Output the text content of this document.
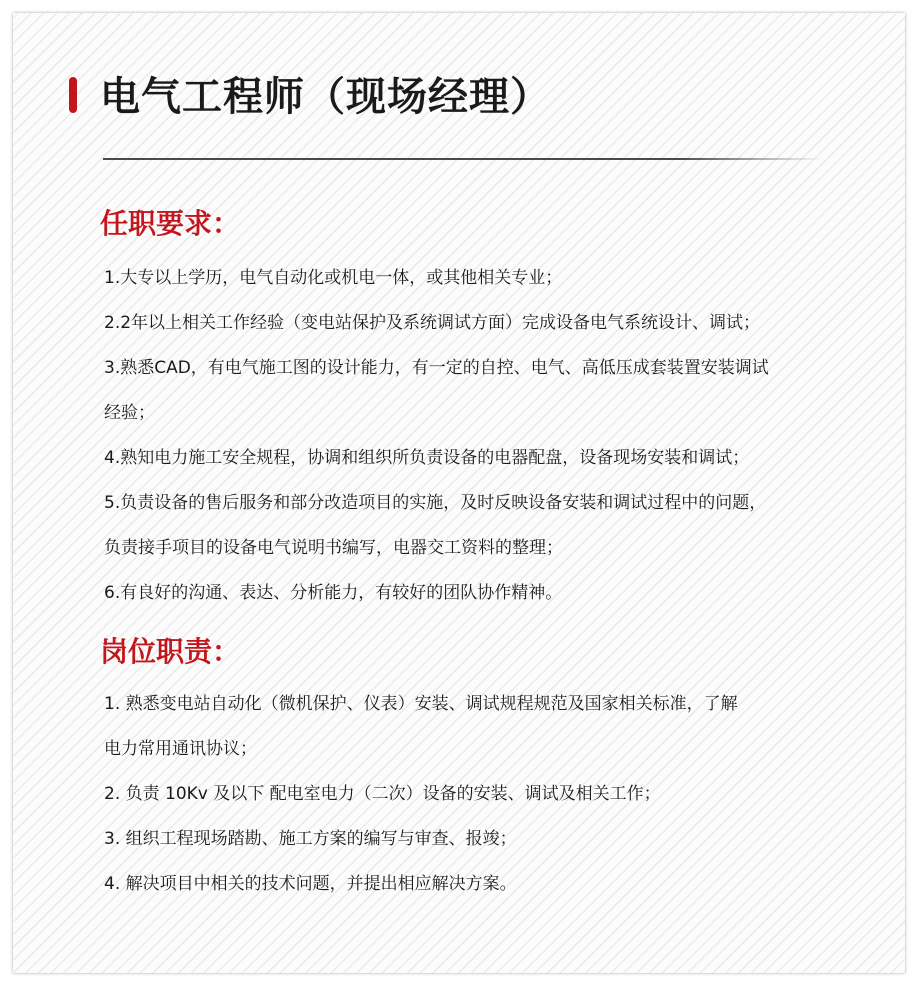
电气工程师（现场经理）
任职要求：

1.大专以上学历，电气自动化或机电一体，或其他相关专业；

2.2年以上相关工作经验（变电站保护及系统调试方面）完成设备电气系统设计、调试；

3.熟悉CAD，有电气施工图的设计能力，有一定的自控、电气、高低压成套装置安装调试

经验；

4.熟知电力施工安全规程，协调和组织所负责设备的电器配盘，设备现场安装和调试；

5.负责设备的售后服务和部分改造项目的实施，及时反映设备安装和调试过程中的问题，

负责接手项目的设备电气说明书编写，电器交工资料的整理；

6.有良好的沟通、表达、分析能力，有较好的团队协作精神。

岗位职责：

1. 熟悉变电站自动化（微机保护、仪表）安装、调试规程规范及国家相关标准，了解

电力常用通讯协议；

2. 负责 10Kv 及以下 配电室电力（二次）设备的安装、调试及相关工作；

3. 组织工程现场踏勘、施工方案的编写与审查、报竣；

4. 解决项目中相关的技术问题，并提出相应解决方案。
